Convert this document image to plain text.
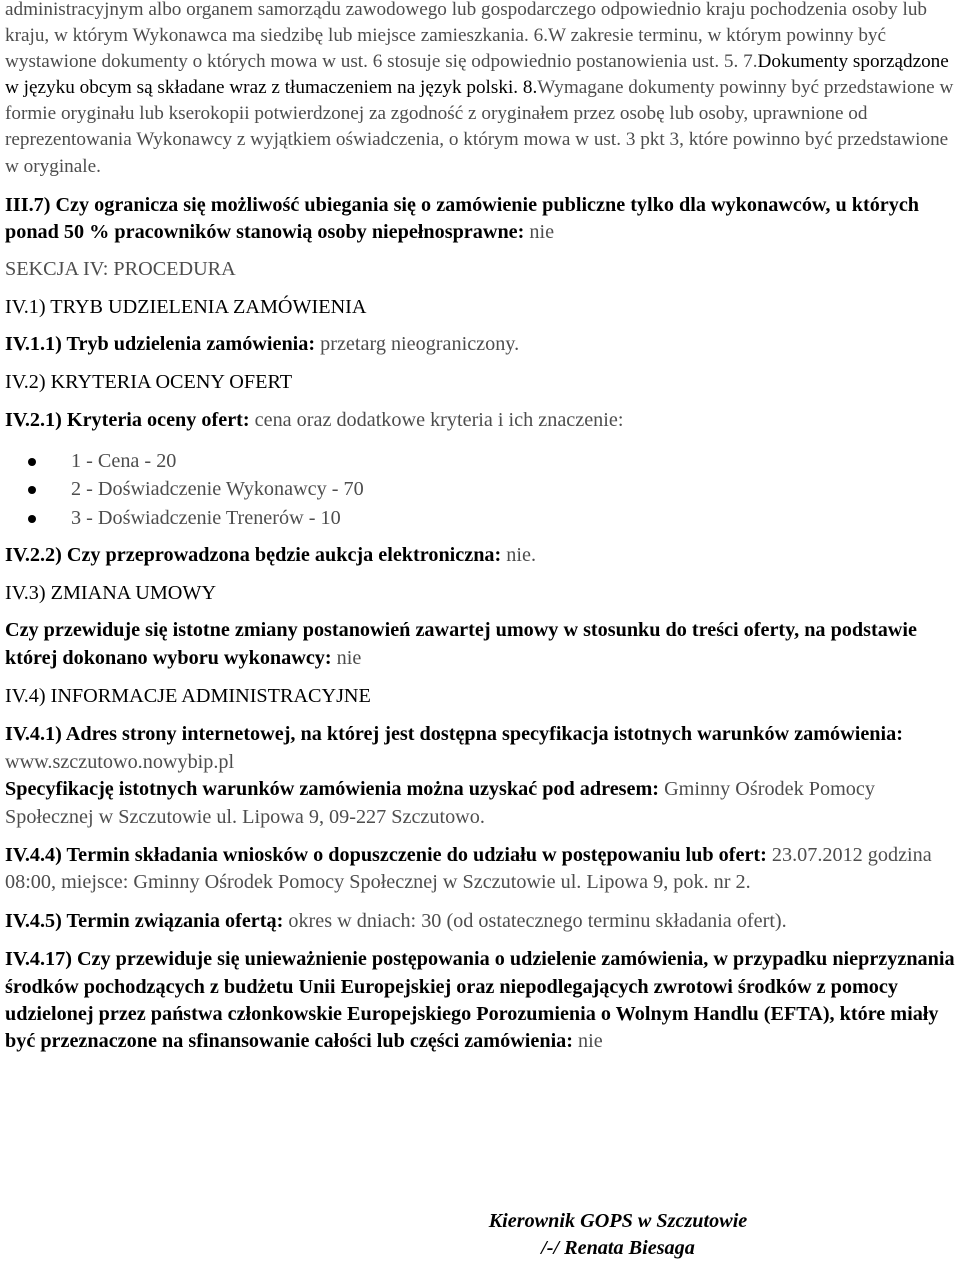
administracyjnym albo organem samorządu zawodowego lub gospodarczego odpowiednio kraju pochodzenia osoby lub kraju, w którym Wykonawca ma siedzibę lub miejsce zamieszkania. 6.W zakresie terminu, w którym powinny być wystawione dokumenty o których mowa w ust. 6 stosuje się odpowiednio postanowienia ust. 5. 7.Dokumenty sporządzone w języku obcym są składane wraz z tłumaczeniem na język polski. 8.Wymagane dokumenty powinny być przedstawione w formie oryginału lub kserokopii potwierdzonej za zgodność z oryginałem przez osobę lub osoby, uprawnione od reprezentowania Wykonawcy z wyjątkiem oświadczenia, o którym mowa w ust. 3 pkt 3, które powinno być przedstawione w oryginale.

III.7) Czy ogranicza się możliwość ubiegania się o zamówienie publiczne tylko dla wykonawców, u których ponad 50 % pracowników stanowią osoby niepełnosprawne: nie

SEKCJA IV: PROCEDURA

IV.1) TRYB UDZIELENIA ZAMÓWIENIA

IV.1.1) Tryb udzielenia zamówienia: przetarg nieograniczony.

IV.2) KRYTERIA OCENY OFERT

IV.2.1) Kryteria oceny ofert: cena oraz dodatkowe kryteria i ich znaczenie:

1 - Cena - 20
2 - Doświadczenie Wykonawcy - 70
3 - Doświadczenie Trenerów - 10

IV.2.2) Czy przeprowadzona będzie aukcja elektroniczna: nie.

IV.3) ZMIANA UMOWY

Czy przewiduje się istotne zmiany postanowień zawartej umowy w stosunku do treści oferty, na podstawie której dokonano wyboru wykonawcy: nie

IV.4) INFORMACJE ADMINISTRACYJNE

IV.4.1) Adres strony internetowej, na której jest dostępna specyfikacja istotnych warunków zamówienia: www.szczutowo.nowybip.pl

Specyfikację istotnych warunków zamówienia można uzyskać pod adresem: Gminny Ośrodek Pomocy Społecznej w Szczutowie ul. Lipowa 9, 09-227 Szczutowo.

IV.4.4) Termin składania wniosków o dopuszczenie do udziału w postępowaniu lub ofert: 23.07.2012 godzina 08:00, miejsce: Gminny Ośrodek Pomocy Społecznej w Szczutowie ul. Lipowa 9, pok. nr 2.

IV.4.5) Termin związania ofertą: okres w dniach: 30 (od ostatecznego terminu składania ofert).

IV.4.17) Czy przewiduje się unieważnienie postępowania o udzielenie zamówienia, w przypadku nieprzyznania środków pochodzących z budżetu Unii Europejskiej oraz niepodlegających zwrotowi środków z pomocy udzielonej przez państwa członkowskie Europejskiego Porozumienia o Wolnym Handlu (EFTA), które miały być przeznaczone na sfinansowanie całości lub części zamówienia: nie

Kierownik GOPS w Szczutowie

/-/ Renata Biesaga
